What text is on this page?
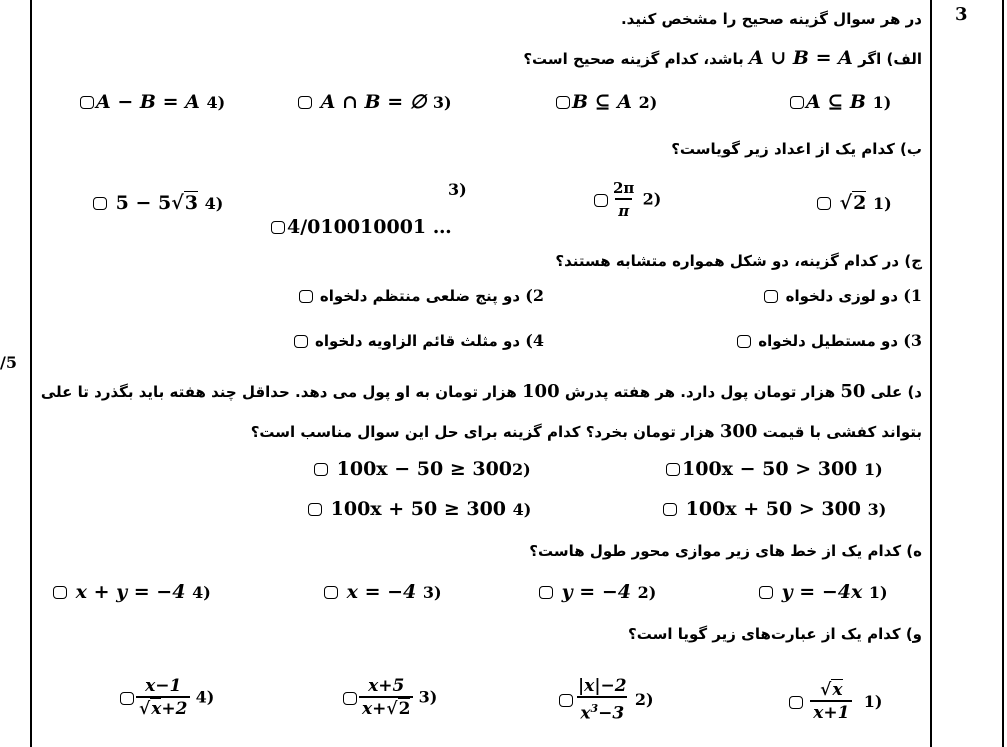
3
/5
در هر سوال گزینه صحیح را مشخص کنید.
الف) اگر A ∪ B = A باشد، کدام گزینه صحیح است؟
A ⊆ B 1)
B ⊆ A 2)
A ∩ B = ∅ 3)
A − B = A 4)
ب) کدام یک از اعداد زیر گویاست؟
√2 1)
$\frac{2\pi}{\pi} 2$)
3)
4/010010001 …
5 − 5√3 4)
ج) در کدام گزینه، دو شکل همواره متشابه هستند؟
1) دو لوزی دلخواه
2) دو پنج ضلعی منتظم دلخواه
3) دو مستطیل دلخواه
4) دو مثلث قائم الزاویه دلخواه
د) علی 50 هزار تومان پول دارد. هر هفته پدرش 100 هزار تومان به او پول می دهد. حداقل چند هفته باید بگذرد تا علی
بتواند کفشی با قیمت 300 هزار تومان بخرد؟ کدام گزینه برای حل این سوال مناسب است؟
100x − 50 > 300 1)
100x − 50 ≥ 3002)
100x + 50 > 300 3)
100x + 50 ≥ 300 4)
ه) کدام یک از خط های زیر موازی محور طول هاست؟
y = −4x 1)
y = −4 2)
x = −4 3)
x + y = −4 4)
و) کدام یک از عبارت‌های زیر گویا است؟

$\frac{√x}{x+1} 1$)
$\frac{|x|-2}{x^3-3} 2$)
$\frac{x+5}{x+√2} 3$)
$\frac{x-1}{√x+2} 4$)
